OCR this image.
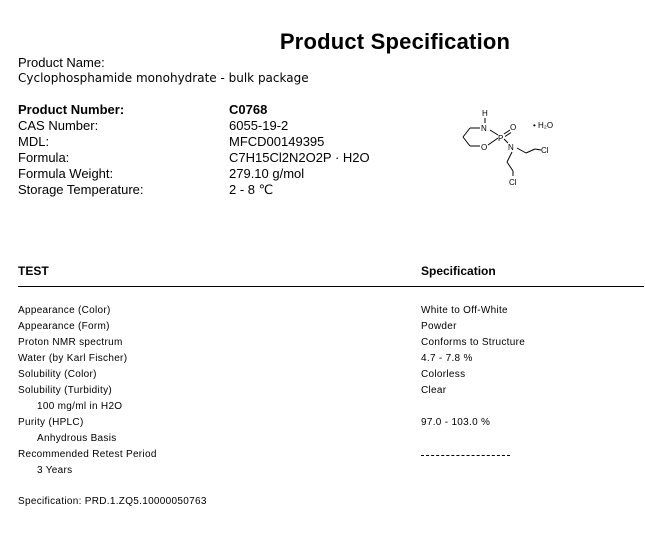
Product Specification
Product Name:
Cyclophosphamide monohydrate - bulk package
Product Number:	C0768
CAS Number:	6055-19-2
MDL:	MFCD00149395
Formula:	C7H15Cl2N2O2P · H2O
Formula Weight:	279.10 g/mol
Storage Temperature:	2 - 8 ℃
H
N
O
P
O
N	Cl
Cl
• H₂O
TEST	Specification
Appearance (Color)	White to Off-White
Appearance (Form)	Powder
Proton NMR spectrum	Conforms to Structure
Water (by Karl Fischer)	4.7 - 7.8 %
Solubility (Color)	Colorless
Solubility (Turbidity)	Clear
100 mg/ml in H2O
Purity (HPLC)	97.0 - 103.0 %
Anhydrous Basis
Recommended Retest Period
3 Years
Specification: PRD.1.ZQ5.10000050763
